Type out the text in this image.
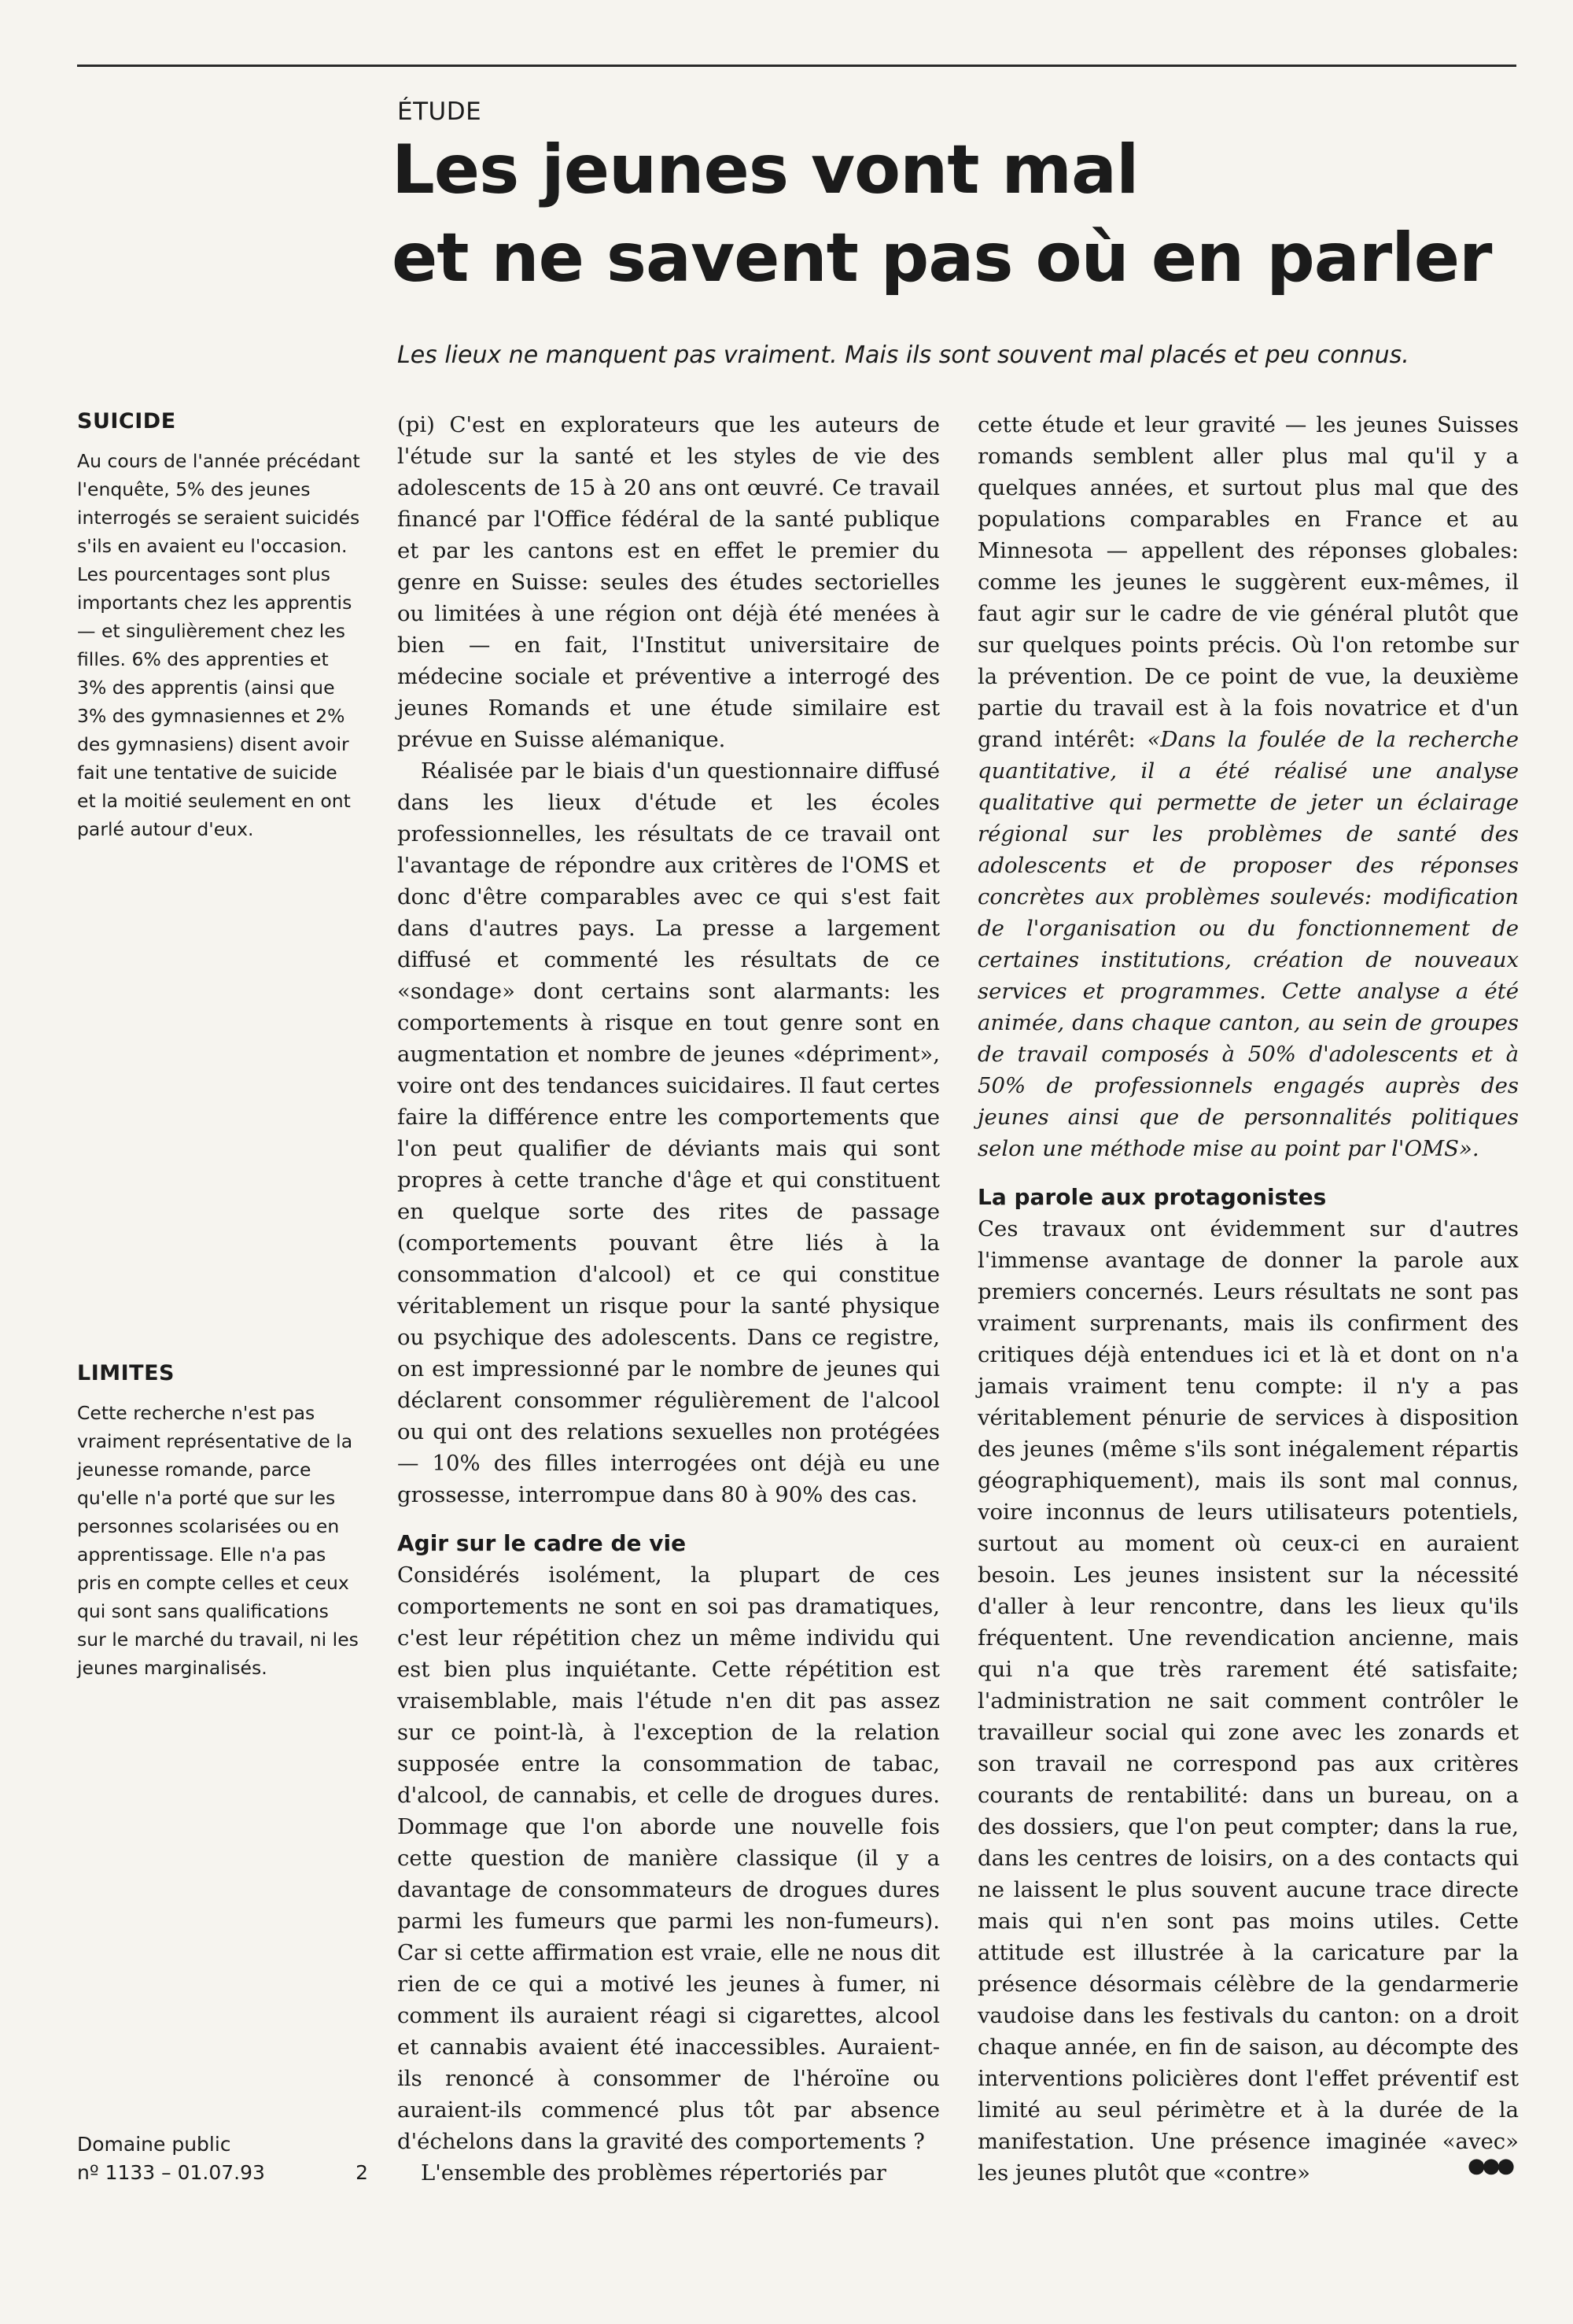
ÉTUDE
Les jeunes vont mal
et ne savent pas où en parler
Les lieux ne manquent pas vraiment. Mais ils sont souvent mal placés et peu connus.
SUICIDE

Au cours de l'année précédant l'enquête, 5% des jeunes interrogés se seraient suicidés s'ils en avaient eu l'occasion. Les pourcentages sont plus importants chez les apprentis — et singulièrement chez les filles. 6% des apprenties et 3% des apprentis (ainsi que 3% des gymnasiennes et 2% des gymnasiens) disent avoir fait une tentative de suicide et la moitié seulement en ont parlé autour d'eux.

LIMITES

Cette recherche n'est pas vraiment représentative de la jeunesse romande, parce qu'elle n'a porté que sur les personnes scolarisées ou en apprentissage. Elle n'a pas pris en compte celles et ceux qui sont sans qualifications sur le marché du travail, ni les jeunes marginalisés.

Domaine public
nº 1133 – 01.07.93	2

(pi) C'est en explorateurs que les auteurs de l'étude sur la santé et les styles de vie des adolescents de 15 à 20 ans ont œuvré. Ce travail financé par l'Office fédéral de la santé publique et par les cantons est en effet le premier du genre en Suisse: seules des études sectorielles ou limitées à une région ont déjà été menées à bien — en fait, l'Institut universitaire de médecine sociale et préventive a interrogé des jeunes Romands et une étude similaire est prévue en Suisse alémanique.

Réalisée par le biais d'un questionnaire diffusé dans les lieux d'étude et les écoles professionnelles, les résultats de ce travail ont l'avantage de répondre aux critères de l'OMS et donc d'être comparables avec ce qui s'est fait dans d'autres pays. La presse a largement diffusé et commenté les résultats de ce «sondage» dont certains sont alarmants: les comportements à risque en tout genre sont en augmentation et nombre de jeunes «dépriment», voire ont des tendances suicidaires. Il faut certes faire la différence entre les comportements que l'on peut qualifier de déviants mais qui sont propres à cette tranche d'âge et qui constituent en quelque sorte des rites de passage (comportements pouvant être liés à la consommation d'alcool) et ce qui constitue véritablement un risque pour la santé physique ou psychique des adolescents. Dans ce registre, on est impressionné par le nombre de jeunes qui déclarent consommer régulièrement de l'alcool ou qui ont des relations sexuelles non protégées — 10% des filles interrogées ont déjà eu une grossesse, interrompue dans 80 à 90% des cas.

Agir sur le cadre de vie

Considérés isolément, la plupart de ces comportements ne sont en soi pas dramatiques, c'est leur répétition chez un même individu qui est bien plus inquiétante. Cette répétition est vraisemblable, mais l'étude n'en dit pas assez sur ce point-là, à l'exception de la relation supposée entre la consommation de tabac, d'alcool, de cannabis, et celle de drogues dures. Dommage que l'on aborde une nouvelle fois cette question de manière classique (il y a davantage de consommateurs de drogues dures parmi les fumeurs que parmi les non-fumeurs). Car si cette affirmation est vraie, elle ne nous dit rien de ce qui a motivé les jeunes à fumer, ni comment ils auraient réagi si cigarettes, alcool et cannabis avaient été inaccessibles. Auraient-ils renoncé à consommer de l'héroïne ou auraient-ils commencé plus tôt par absence d'échelons dans la gravité des comportements ?

L'ensemble des problèmes répertoriés par

cette étude et leur gravité — les jeunes Suisses romands semblent aller plus mal qu'il y a quelques années, et surtout plus mal que des populations comparables en France et au Minnesota — appellent des réponses globales: comme les jeunes le suggèrent eux-mêmes, il faut agir sur le cadre de vie général plutôt que sur quelques points précis. Où l'on retombe sur la prévention. De ce point de vue, la deuxième partie du travail est à la fois novatrice et d'un grand intérêt: «Dans la foulée de la recherche quantitative, il a été réalisé une analyse qualitative qui permette de jeter un éclairage régional sur les problèmes de santé des adolescents et de proposer des réponses concrètes aux problèmes soulevés: modification de l'organisation ou du fonctionnement de certaines institutions, création de nouveaux services et programmes. Cette analyse a été animée, dans chaque canton, au sein de groupes de travail composés à 50% d'adolescents et à 50% de professionnels engagés auprès des jeunes ainsi que de personnalités politiques selon une méthode mise au point par l'OMS».

La parole aux protagonistes

Ces travaux ont évidemment sur d'autres l'immense avantage de donner la parole aux premiers concernés. Leurs résultats ne sont pas vraiment surprenants, mais ils confirment des critiques déjà entendues ici et là et dont on n'a jamais vraiment tenu compte: il n'y a pas véritablement pénurie de services à disposition des jeunes (même s'ils sont inégalement répartis géographiquement), mais ils sont mal connus, voire inconnus de leurs utilisateurs potentiels, surtout au moment où ceux-ci en auraient besoin. Les jeunes insistent sur la nécessité d'aller à leur rencontre, dans les lieux qu'ils fréquentent. Une revendication ancienne, mais qui n'a que très rarement été satisfaite; l'administration ne sait comment contrôler le travailleur social qui zone avec les zonards et son travail ne correspond pas aux critères courants de rentabilité: dans un bureau, on a des dossiers, que l'on peut compter; dans la rue, dans les centres de loisirs, on a des contacts qui ne laissent le plus souvent aucune trace directe mais qui n'en sont pas moins utiles. Cette attitude est illustrée à la caricature par la présence désormais célèbre de la gendarmerie vaudoise dans les festivals du canton: on a droit chaque année, en fin de saison, au décompte des interventions policières dont l'effet préventif est limité au seul périmètre et à la durée de la manifestation. Une présence imaginée «avec» les jeunes plutôt que «contre»	●●●
